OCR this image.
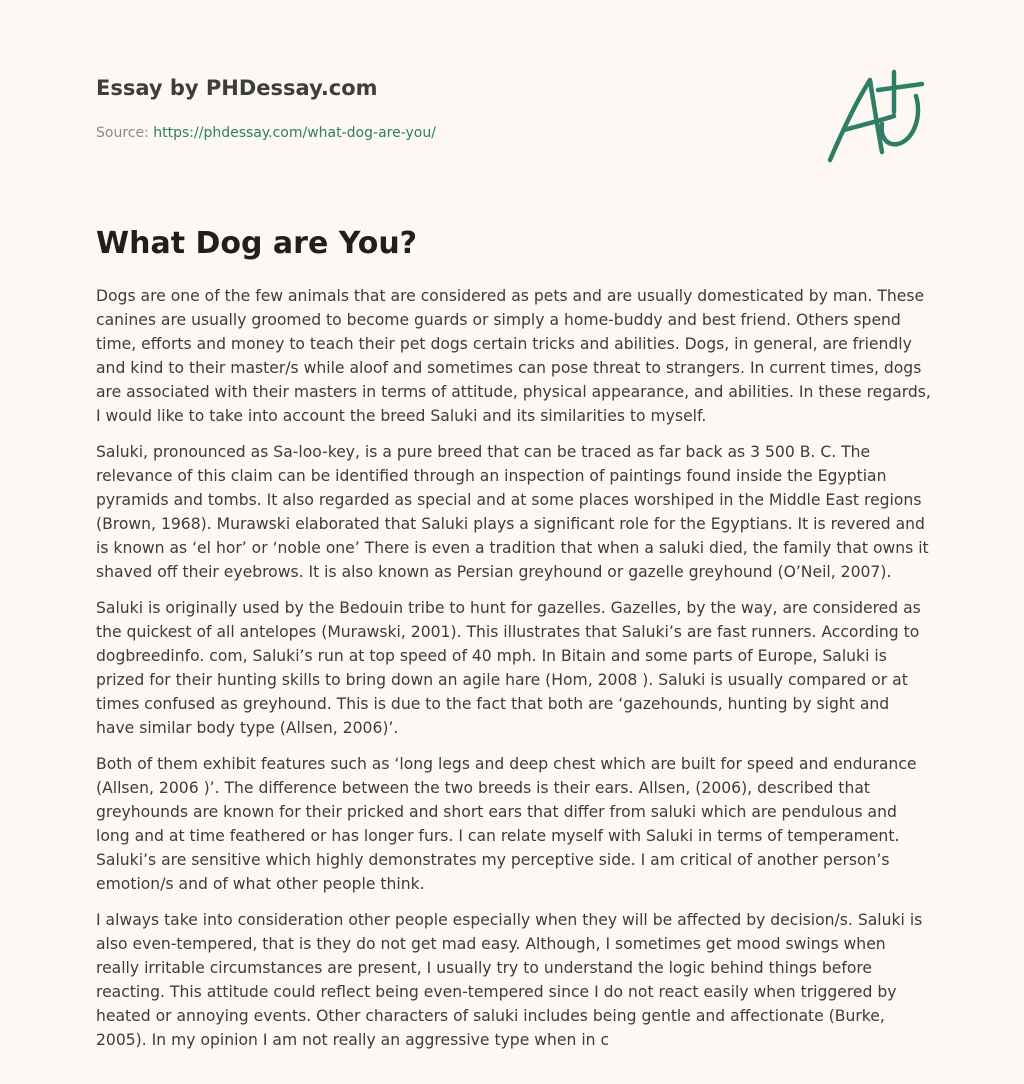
Essay by PHDessay.com
Source: https://phdessay.com/what-dog-are-you/
What Dog are You?

Dogs are one of the few animals that are considered as pets and are usually domesticated by man. These canines are usually groomed to become guards or simply a home-buddy and best friend. Others spend time, efforts and money to teach their pet dogs certain tricks and abilities. Dogs, in general, are friendly and kind to their master/s while aloof and sometimes can pose threat to strangers. In current times, dogs are associated with their masters in terms of attitude, physical appearance, and abilities. In these regards, I would like to take into account the breed Saluki and its similarities to myself.

Saluki, pronounced as Sa-loo-key, is a pure breed that can be traced as far back as 3 500 B. C. The relevance of this claim can be identified through an inspection of paintings found inside the Egyptian pyramids and tombs. It also regarded as special and at some places worshiped in the Middle East regions (Brown, 1968). Murawski elaborated that Saluki plays a significant role for the Egyptians. It is revered and is known as ‘el hor’ or ‘noble one’ There is even a tradition that when a saluki died, the family that owns it shaved off their eyebrows. It is also known as Persian greyhound or gazelle greyhound (O’Neil, 2007).

Saluki is originally used by the Bedouin tribe to hunt for gazelles. Gazelles, by the way, are considered as the quickest of all antelopes (Murawski, 2001). This illustrates that Saluki’s are fast runners. According to dogbreedinfo. com, Saluki’s run at top speed of 40 mph. In Bitain and some parts of Europe, Saluki is prized for their hunting skills to bring down an agile hare (Hom, 2008 ). Saluki is usually compared or at times confused as greyhound. This is due to the fact that both are ‘gazehounds, hunting by sight and have similar body type (Allsen, 2006)’.

Both of them exhibit features such as ‘long legs and deep chest which are built for speed and endurance (Allsen, 2006 )’. The difference between the two breeds is their ears. Allsen, (2006), described that greyhounds are known for their pricked and short ears that differ from saluki which are pendulous and long and at time feathered or has longer furs. I can relate myself with Saluki in terms of temperament. Saluki’s are sensitive which highly demonstrates my perceptive side. I am critical of another person’s emotion/s and of what other people think.

I always take into consideration other people especially when they will be affected by decision/s. Saluki is also even-tempered, that is they do not get mad easy. Although, I sometimes get mood swings when really irritable circumstances are present, I usually try to understand the logic behind things before reacting. This attitude could reflect being even-tempered since I do not react easily when triggered by heated or annoying events. Other characters of saluki includes being gentle and affectionate (Burke, 2005). In my opinion I am not really an aggressive type when in c
